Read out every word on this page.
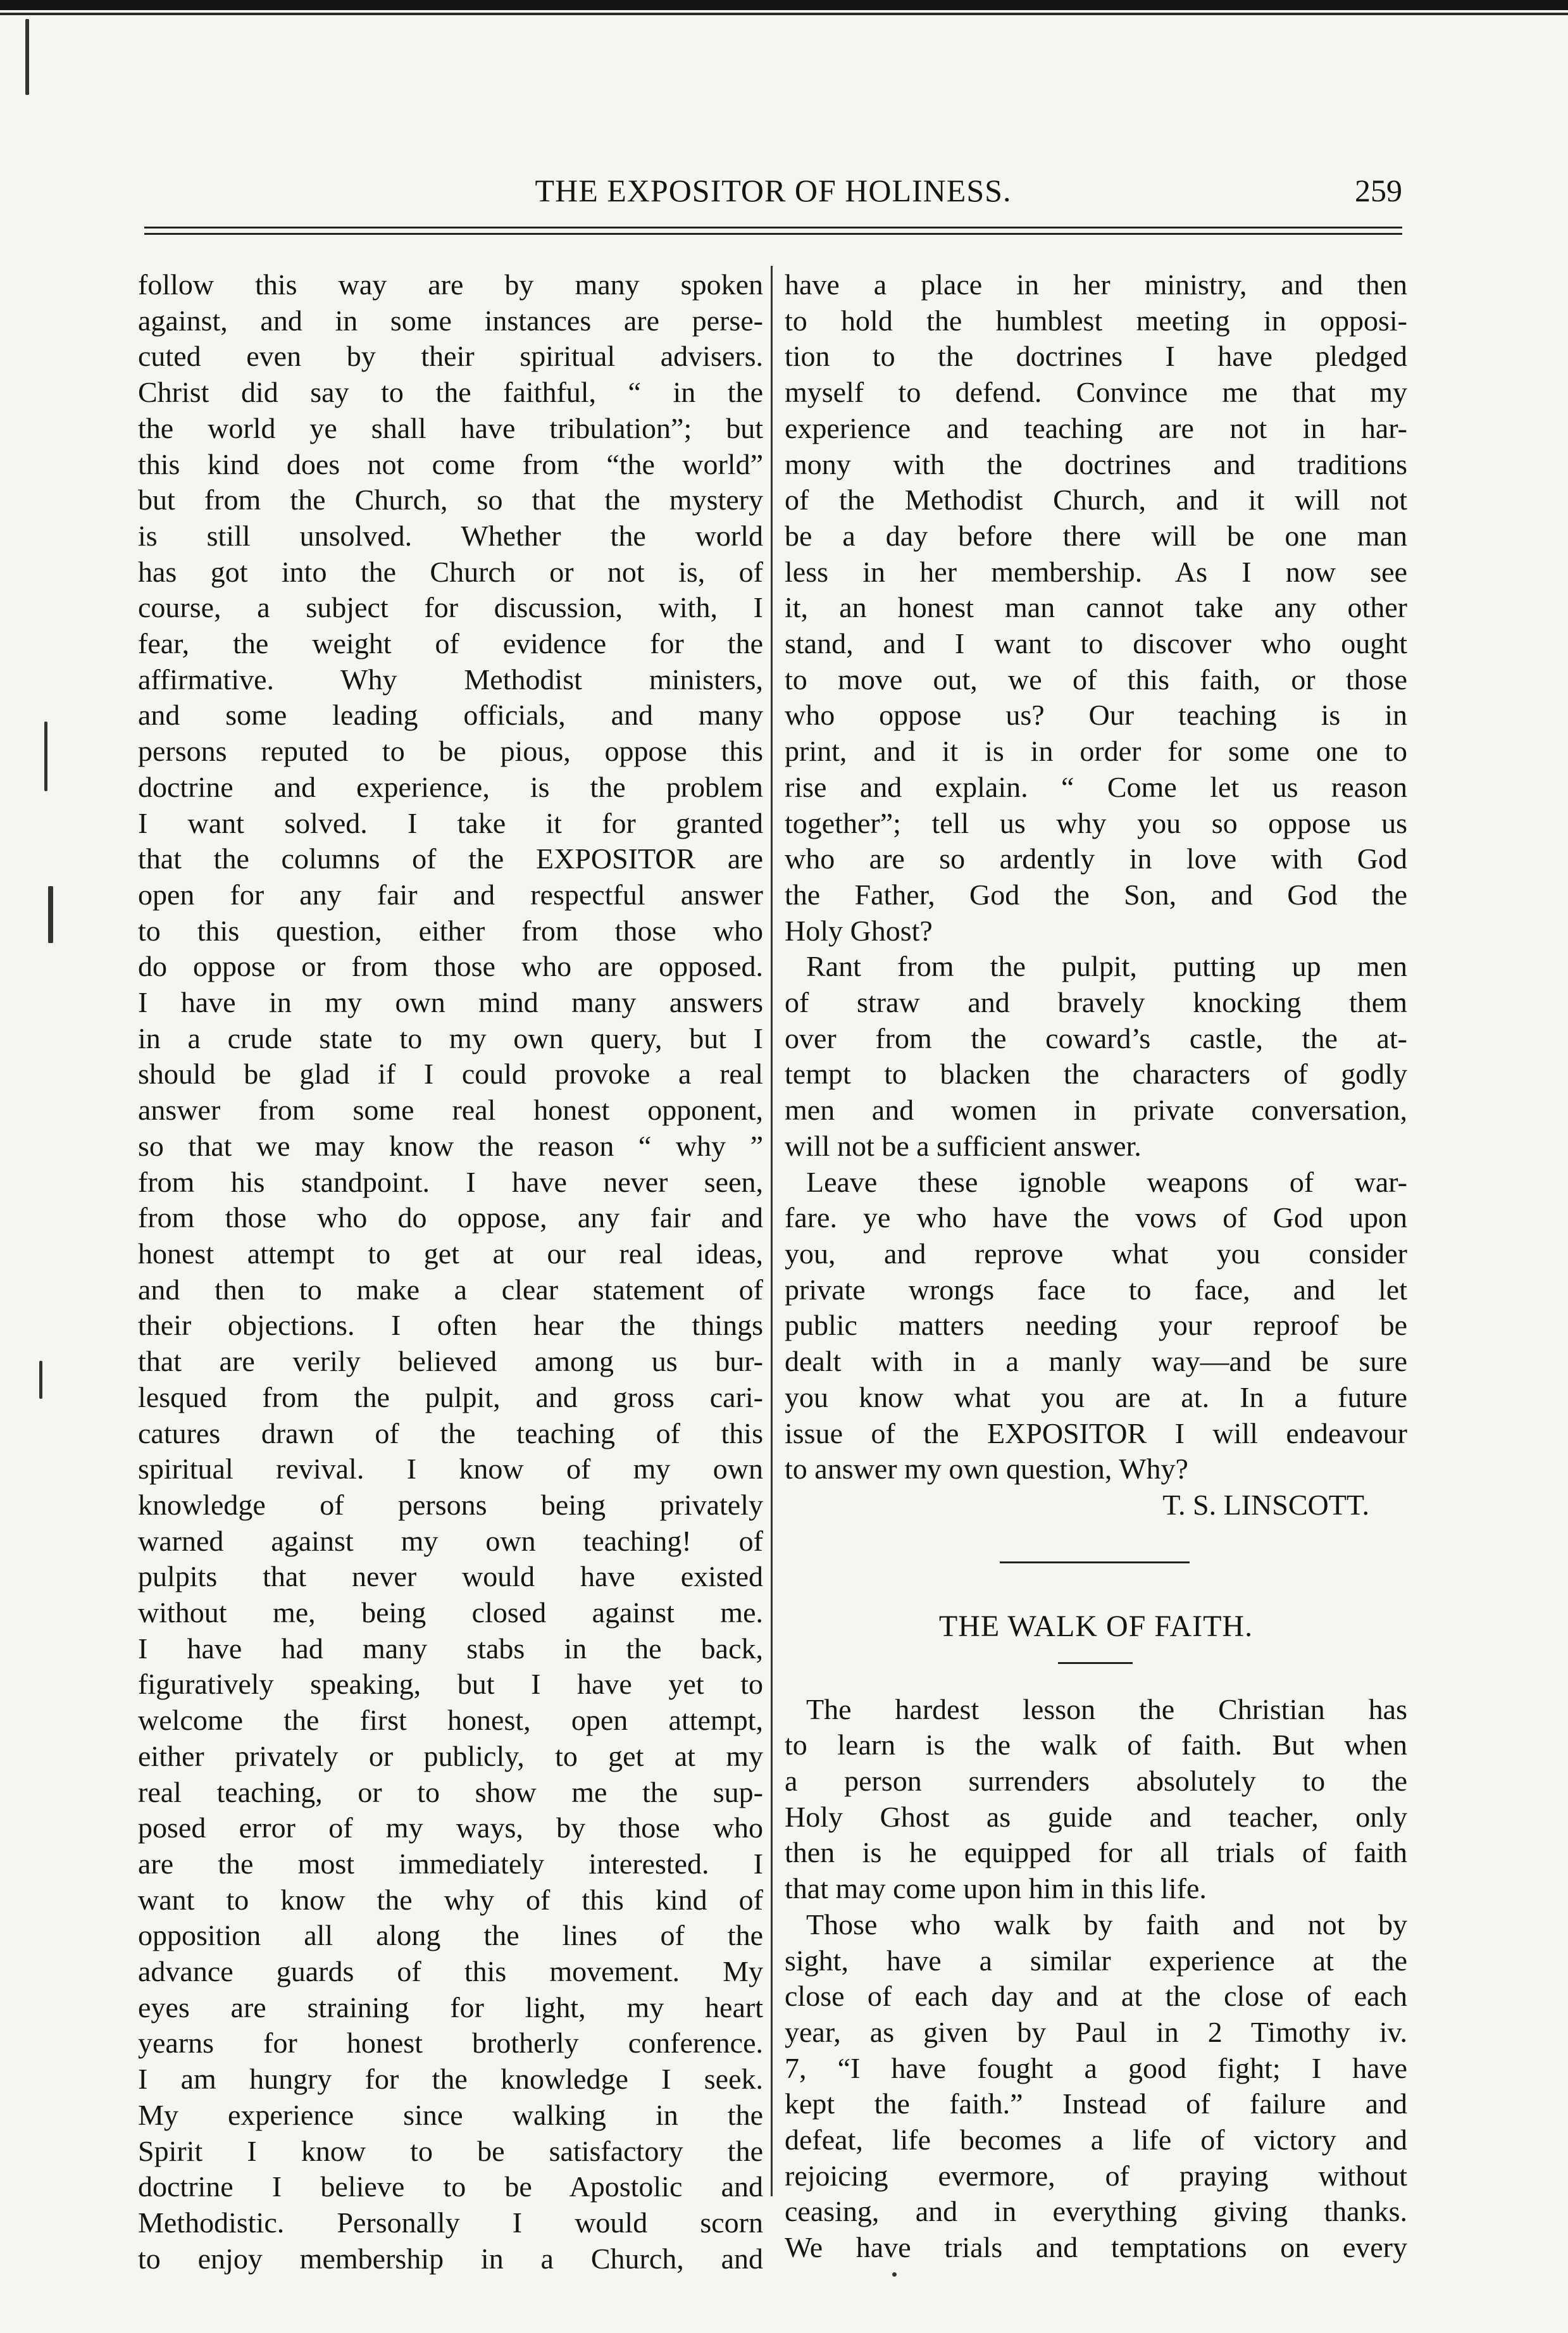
THE EXPOSITOR OF HOLINESS.	259
follow this way are by many spoken
against, and in some instances are perse-
cuted even by their spiritual advisers.
Christ did say to the faithful, “ in the
the world ye shall have tribulation”; but
this kind does not come from “the world”
but from the Church, so that the mystery
is still unsolved. Whether the world
has got into the Church or not is, of
course, a subject for discussion, with, I
fear, the weight of evidence for the
affirmative. Why Methodist ministers,
and some leading officials, and many
persons reputed to be pious, oppose this
doctrine and experience, is the problem
I want solved. I take it for granted
that the columns of the EXPOSITOR are
open for any fair and respectful answer
to this question, either from those who
do oppose or from those who are opposed.
I have in my own mind many answers
in a crude state to my own query, but I
should be glad if I could provoke a real
answer from some real honest opponent,
so that we may know the reason “ why ”
from his standpoint. I have never seen,
from those who do oppose, any fair and
honest attempt to get at our real ideas,
and then to make a clear statement of
their objections. I often hear the things
that are verily believed among us bur-
lesqued from the pulpit, and gross cari-
catures drawn of the teaching of this
spiritual revival. I know of my own
knowledge of persons being privately
warned against my own teaching! of
pulpits that never would have existed
without me, being closed against me.
I have had many stabs in the back,
figuratively speaking, but I have yet to
welcome the first honest, open attempt,
either privately or publicly, to get at my
real teaching, or to show me the sup-
posed error of my ways, by those who
are the most immediately interested. I
want to know the why of this kind of
opposition all along the lines of the
advance guards of this movement. My
eyes are straining for light, my heart
yearns for honest brotherly conference.
I am hungry for the knowledge I seek.
My experience since walking in the
Spirit I know to be satisfactory the
doctrine I believe to be Apostolic and
Methodistic. Personally I would scorn
to enjoy membership in a Church, and
have a place in her ministry, and then
to hold the humblest meeting in opposi-
tion to the doctrines I have pledged
myself to defend. Convince me that my
experience and teaching are not in har-
mony with the doctrines and traditions
of the Methodist Church, and it will not
be a day before there will be one man
less in her membership. As I now see
it, an honest man cannot take any other
stand, and I want to discover who ought
to move out, we of this faith, or those
who oppose us? Our teaching is in
print, and it is in order for some one to
rise and explain. “ Come let us reason
together”; tell us why you so oppose us
who are so ardently in love with God
the Father, God the Son, and God the
Holy Ghost?
Rant from the pulpit, putting up men
of straw and bravely knocking them
over from the coward’s castle, the at-
tempt to blacken the characters of godly
men and women in private conversation,
will not be a sufficient answer.
Leave these ignoble weapons of war-
fare. ye who have the vows of God upon
you, and reprove what you consider
private wrongs face to face, and let
public matters needing your reproof be
dealt with in a manly way—and be sure
you know what you are at. In a future
issue of the EXPOSITOR I will endeavour
to answer my own question, Why?
T. S. LINSCOTT.
THE WALK OF FAITH.
The hardest lesson the Christian has
to learn is the walk of faith. But when
a person surrenders absolutely to the
Holy Ghost as guide and teacher, only
then is he equipped for all trials of faith
that may come upon him in this life.
Those who walk by faith and not by
sight, have a similar experience at the
close of each day and at the close of each
year, as given by Paul in 2 Timothy iv.
7, “I have fought a good fight; I have
kept the faith.” Instead of failure and
defeat, life becomes a life of victory and
rejoicing evermore, of praying without
ceasing, and in everything giving thanks.
We have trials and temptations on every
